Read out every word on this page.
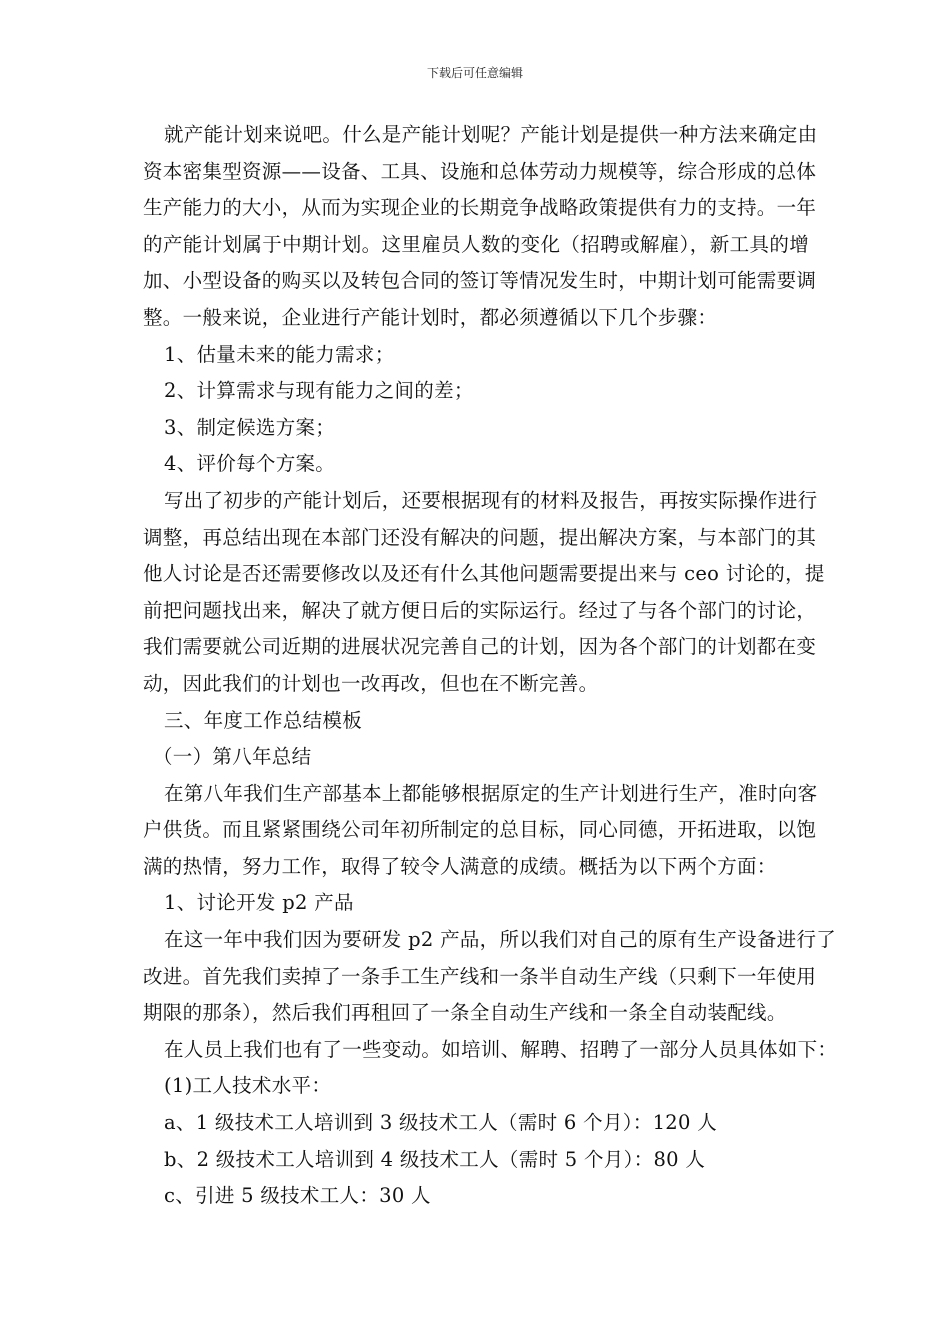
下载后可任意编辑
就产能计划来说吧。什么是产能计划呢？产能计划是提供一种方法来确定由
资本密集型资源——设备、工具、设施和总体劳动力规模等，综合形成的总体
生产能力的大小，从而为实现企业的长期竞争战略政策提供有力的支持。一年
的产能计划属于中期计划。这里雇员人数的变化（招聘或解雇），新工具的增
加、小型设备的购买以及转包合同的签订等情况发生时，中期计划可能需要调
整。一般来说，企业进行产能计划时，都必须遵循以下几个步骤：
1、估量未来的能力需求；
2、计算需求与现有能力之间的差；
3、制定候选方案；
4、评价每个方案。
写出了初步的产能计划后，还要根据现有的材料及报告，再按实际操作进行
调整，再总结出现在本部门还没有解决的问题，提出解决方案，与本部门的其
他人讨论是否还需要修改以及还有什么其他问题需要提出来与 ceo 讨论的，提
前把问题找出来，解决了就方便日后的实际运行。经过了与各个部门的讨论，
我们需要就公司近期的进展状况完善自己的计划，因为各个部门的计划都在变
动，因此我们的计划也一改再改，但也在不断完善。
三、年度工作总结模板
（一）第八年总结
在第八年我们生产部基本上都能够根据原定的生产计划进行生产，准时向客
户供货。而且紧紧围绕公司年初所制定的总目标，同心同德，开拓进取，以饱
满的热情，努力工作，取得了较令人满意的成绩。概括为以下两个方面：
1、讨论开发 p2 产品
在这一年中我们因为要研发 p2 产品，所以我们对自己的原有生产设备进行了
改进。首先我们卖掉了一条手工生产线和一条半自动生产线（只剩下一年使用
期限的那条），然后我们再租回了一条全自动生产线和一条全自动装配线。
在人员上我们也有了一些变动。如培训、解聘、招聘了一部分人员具体如下：
(1)工人技术水平：
a、1 级技术工人培训到 3 级技术工人（需时 6 个月）：120 人
b、2 级技术工人培训到 4 级技术工人（需时 5 个月）：80 人
c、引进 5 级技术工人：30 人
